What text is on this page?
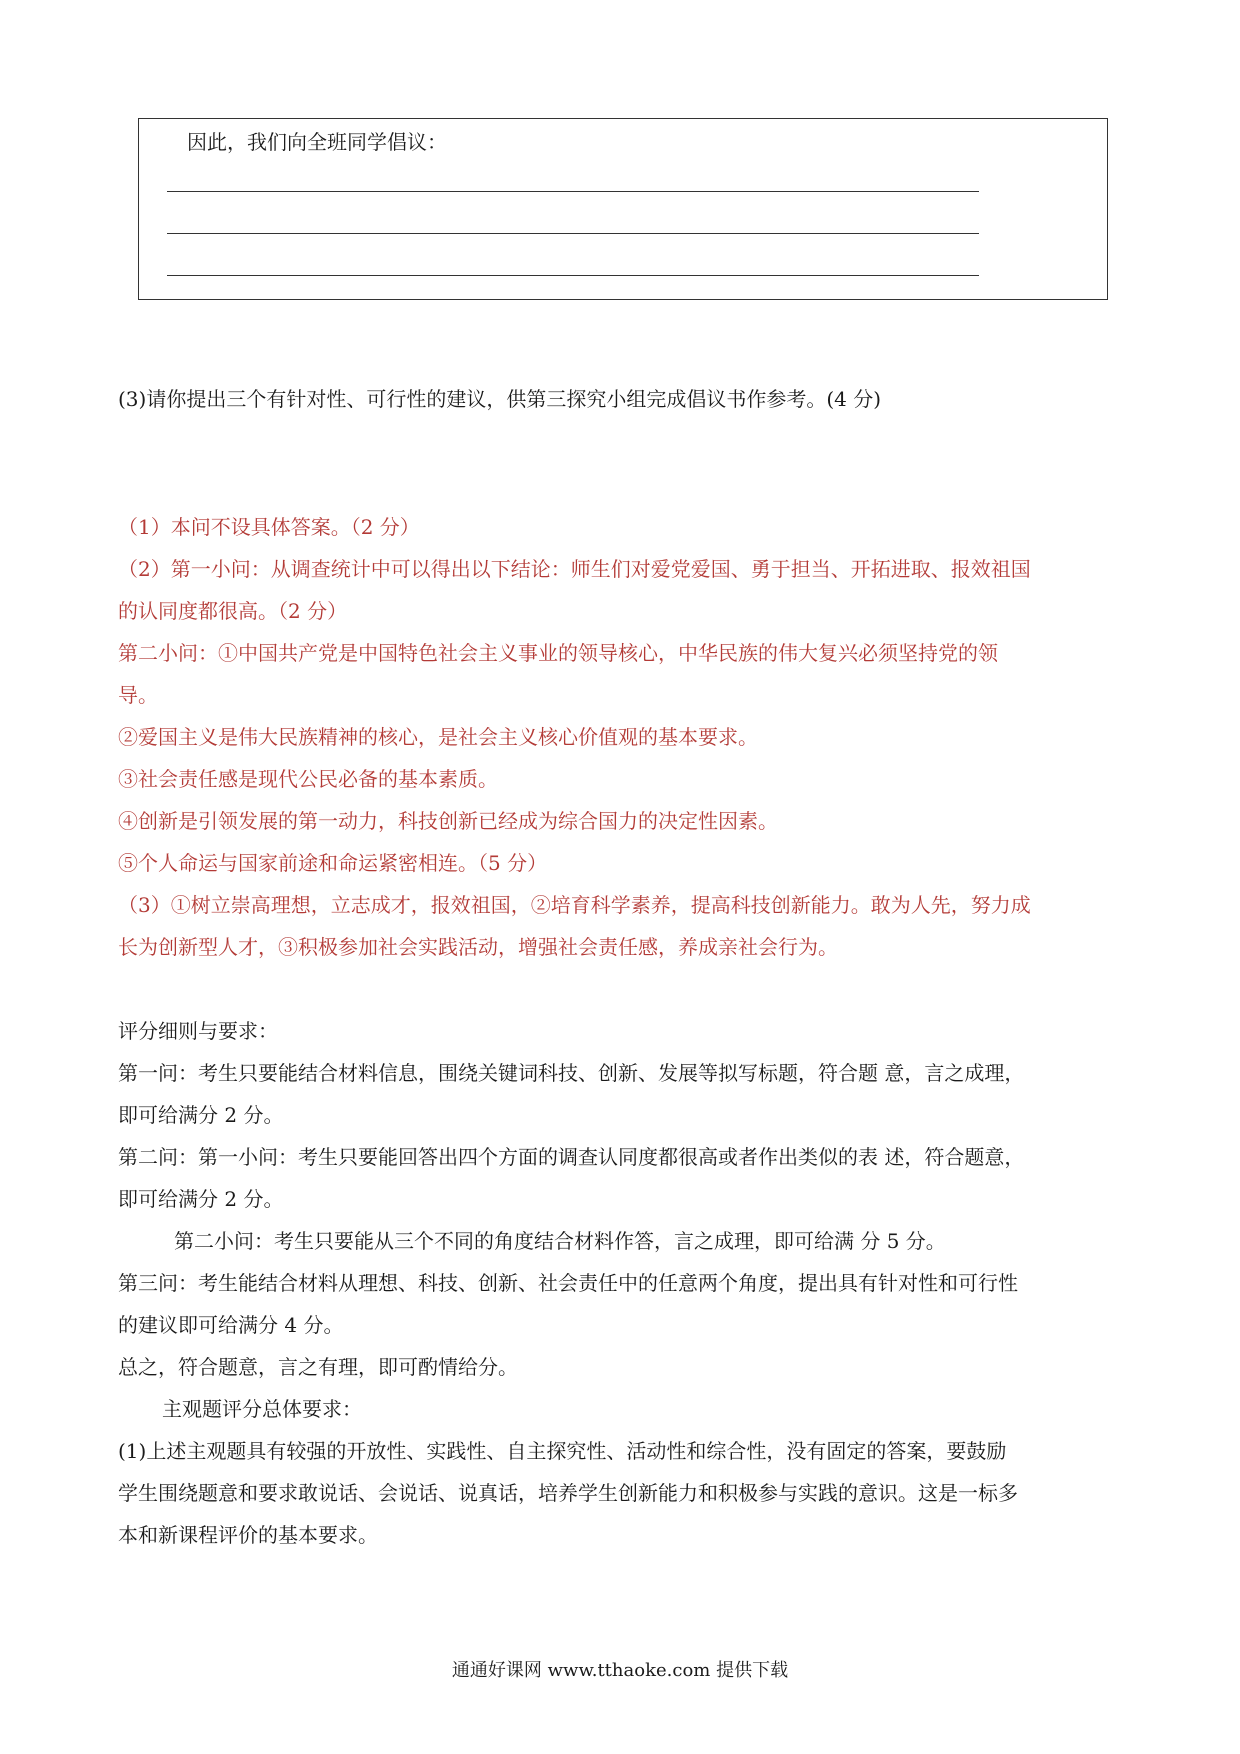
因此，我们向全班同学倡议：
(3)请你提出三个有针对性、可行性的建议，供第三探究小组完成倡议书作参考。(4 分)
（1）本问不设具体答案。（2 分）
（2）第一小问：从调查统计中可以得出以下结论：师生们对爱党爱国、勇于担当、开拓进取、报效祖国
的认同度都很高。（2 分）
第二小问：①中国共产党是中国特色社会主义事业的领导核心，中华民族的伟大复兴必须坚持党的领
导。
②爱国主义是伟大民族精神的核心，是社会主义核心价值观的基本要求。
③社会责任感是现代公民必备的基本素质。
④创新是引领发展的第一动力，科技创新已经成为综合国力的决定性因素。
⑤个人命运与国家前途和命运紧密相连。（5 分）
（3）①树立崇高理想，立志成才，报效祖国，②培育科学素养，提高科技创新能力。敢为人先，努力成
长为创新型人才，③积极参加社会实践活动，增强社会责任感，养成亲社会行为。
评分细则与要求：
第一问：考生只要能结合材料信息，围绕关键词科技、创新、发展等拟写标题，符合题 意，言之成理，
即可给满分 2 分。
第二问：第一小问：考生只要能回答出四个方面的调查认同度都很高或者作出类似的表 述，符合题意，
即可给满分 2 分。
第二小问：考生只要能从三个不同的角度结合材料作答，言之成理，即可给满 分 5 分。
第三问：考生能结合材料从理想、科技、创新、社会责任中的任意两个角度，提出具有针对性和可行性
的建议即可给满分 4 分。
总之，符合题意，言之有理，即可酌情给分。
主观题评分总体要求：
(1)上述主观题具有较强的开放性、实践性、自主探究性、活动性和综合性，没有固定的答案，要鼓励
学生围绕题意和要求敢说话、会说话、说真话，培养学生创新能力和积极参与实践的意识。这是一标多
本和新课程评价的基本要求。
通通好课网 www.tthaoke.com 提供下载
